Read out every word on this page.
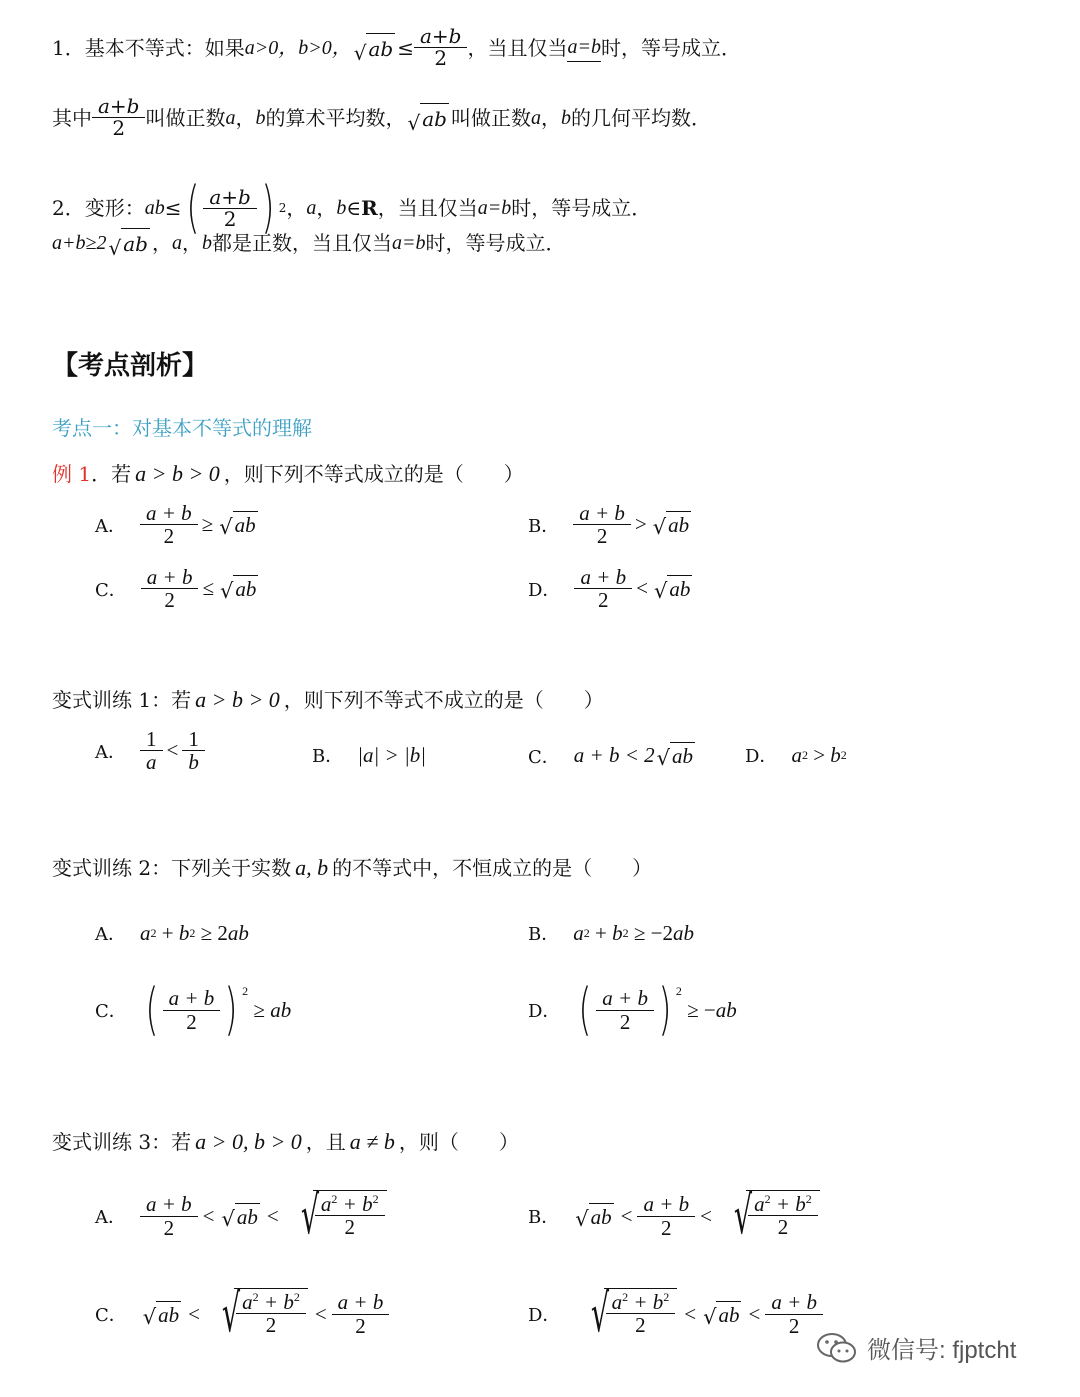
1． 基本不等式：如果 a>0， b>0， √ ab ≤ $\frac{a+b}{2}$ ，当且仅当 a=b 时，等号成立．
其中 $\frac{a+b}{2}$ 叫做正数 a ， b 的算术平均数， √ ab 叫做正数 a ， b 的几何平均数．
2． 变形： ab ≤ ( $\frac{a+b}{2}$ ) 2 ， a ， b ∈ R ，当且仅当 a=b 时，等号成立．
a+b≥2 √ ab ， a ， b 都是正数，当且仅当 a=b 时，等号成立．
【考点剖析】
考点一：对基本不等式的理解
例 1 ．若 a > b > 0 ，则下列不等式成立的是（　　）
A． $\frac{a + b}{2}$ ≥ √ ab	B． $\frac{a + b}{2}$ > √ ab
C． $\frac{a + b}{2}$ ≤ √ ab	D． $\frac{a + b}{2}$ < √ ab
变式训练 1：若 a > b > 0 ，则下列不等式不成立的是（　　）
A． $\frac{1}{a} < \frac{1}{b}$	B． |a| > |b|	C． a + b < 2 √ ab	D． a 2 > b 2
变式训练 2：下列关于实数 a, b 的不等式中，不恒成立的是（　　）
A． a 2 + b 2 ≥ 2 ab	B． a 2 + b 2 ≥ −2 ab
C． ( $\frac{a + b}{2}$ ) $^2$
≥ ab	D． ( $\frac{a + b}{2}$ ) $^2$
≥ − ab
变式训练 3：若 a > 0, b > 0 ，且 a ≠ b ，则（　　）
A． $\frac{a + b}{2}$ < √ ab < √ $\frac{a^2 + b^2}{2}$	B． √ ab < $\frac{a + b}{2}$ < √ $\frac{a^2 + b^2}{2}$
C． √ ab < √ $\frac{a^2 + b^2}{2} < \frac{a + b}{2}$	D． √ $\frac{a^2 + b^2}{2}$ < √ ab < $\frac{a + b}{2}$
微信号: fjptcht
